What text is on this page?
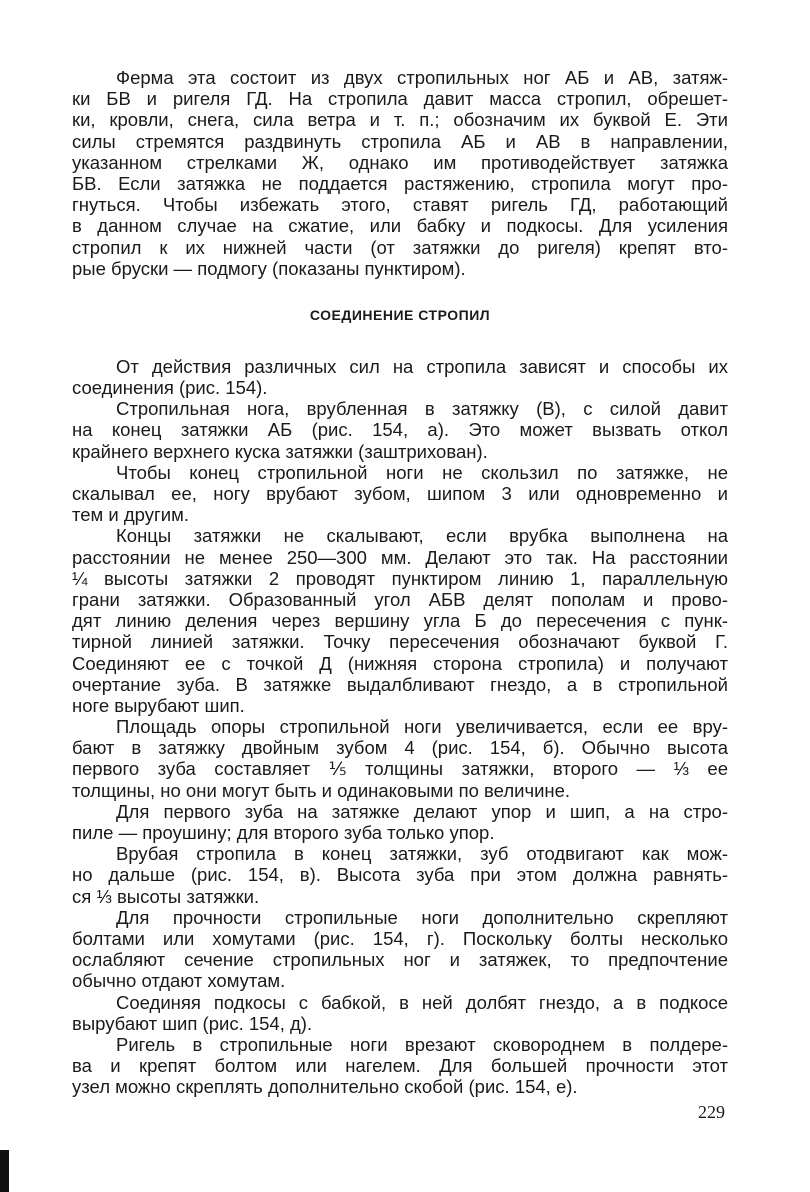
Ферма эта состоит из двух стропильных ног АБ и АВ, затяж-
ки БВ и ригеля ГД. На стропила давит масса стропил, обрешет-
ки, кровли, снега, сила ветра и т. п.; обозначим их буквой Е. Эти
силы стремятся раздвинуть стропила АБ и АВ в направлении,
указанном стрелками Ж, однако им противодействует затяжка
БВ. Если затяжка не поддается растяжению, стропила могут про-
гнуться. Чтобы избежать этого, ставят ригель ГД, работающий
в данном случае на сжатие, или бабку и подкосы. Для усиления
стропил к их нижней части (от затяжки до ригеля) крепят вто-
рые бруски — подмогу (показаны пунктиром).
СОЕДИНЕНИЕ СТРОПИЛ
От действия различных сил на стропила зависят и способы их
соединения (рис. 154).
Стропильная нога, врубленная в затяжку (В), с силой давит
на конец затяжки АБ (рис. 154, а). Это может вызвать откол
крайнего верхнего куска затяжки (заштрихован).
Чтобы конец стропильной ноги не скользил по затяжке, не
скалывал ее, ногу врубают зубом, шипом 3 или одновременно и
тем и другим.
Концы затяжки не скалывают, если врубка выполнена на
расстоянии не менее 250—300 мм. Делают это так. На расстоянии
¼ высоты затяжки 2 проводят пунктиром линию 1, параллельную
грани затяжки. Образованный угол АБВ делят пополам и прово-
дят линию деления через вершину угла Б до пересечения с пунк-
тирной линией затяжки. Точку пересечения обозначают буквой Г.
Соединяют ее с точкой Д (нижняя сторона стропила) и получают
очертание зуба. В затяжке выдалбливают гнездо, а в стропильной
ноге вырубают шип.
Площадь опоры стропильной ноги увеличивается, если ее вру-
бают в затяжку двойным зубом 4 (рис. 154, б). Обычно высота
первого зуба составляет ⅕ толщины затяжки, второго — ⅓ ее
толщины, но они могут быть и одинаковыми по величине.
Для первого зуба на затяжке делают упор и шип, а на стро-
пиле — проушину; для второго зуба только упор.
Врубая стропила в конец затяжки, зуб отодвигают как мож-
но дальше (рис. 154, в). Высота зуба при этом должна равнять-
ся ⅓ высоты затяжки.
Для прочности стропильные ноги дополнительно скрепляют
болтами или хомутами (рис. 154, г). Поскольку болты несколько
ослабляют сечение стропильных ног и затяжек, то предпочтение
обычно отдают хомутам.
Соединяя подкосы с бабкой, в ней долбят гнездо, а в подкосе
вырубают шип (рис. 154, д).
Ригель в стропильные ноги врезают сковороднем в полдере-
ва и крепят болтом или нагелем. Для большей прочности этот
узел можно скреплять дополнительно скобой (рис. 154, е).
229
